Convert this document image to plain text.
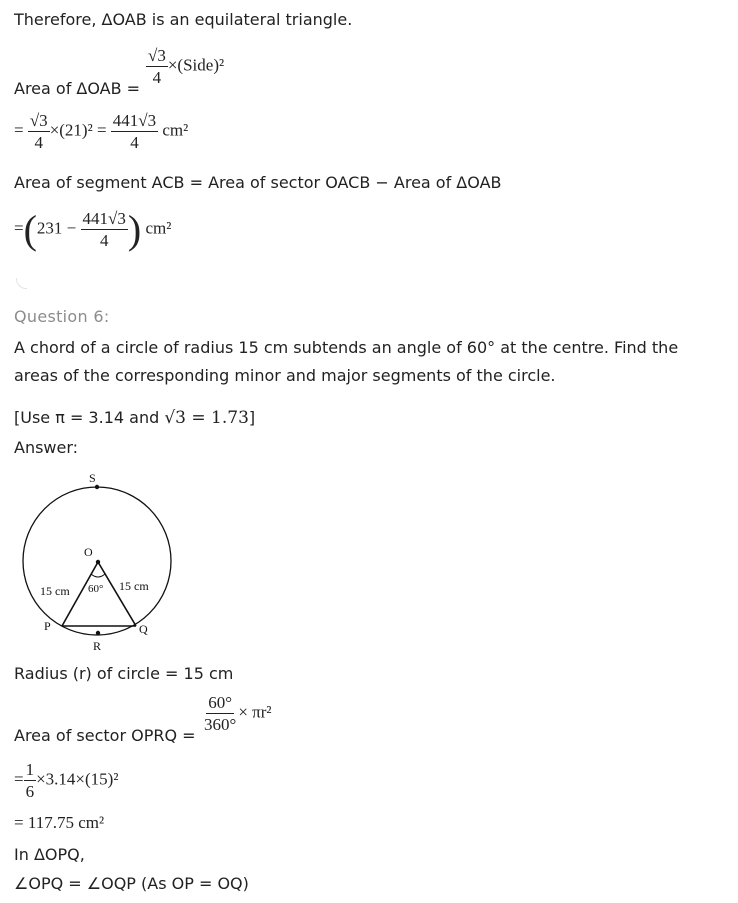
Therefore, ΔOAB is an equilateral triangle.
Area of ΔOAB =
$\frac{√3}{4}$ ×(Side)²
= $\frac{√3}{4} \times(21)^2 = \frac{441√3}{4} cm^2$
Area of segment ACB = Area of sector OACB − Area of ΔOAB
$=(231 - \frac{441√3}{4}$ ) cm²
Question 6:
A chord of a circle of radius 15 cm subtends an angle of 60° at the centre. Find the
areas of the corresponding minor and major segments of the circle.
[Use π = 3.14 and √3 = 1.73]
Answer:
S
O
60°
15 cm	15 cm
P	Q
R
Radius (r) of circle = 15 cm
Area of sector OPRQ =
$\frac{60^\circ}{360^\circ} \times \pi r^2$
= $\frac{1}{6} \times 3.14\times(15)^2$
= 117.75 cm²
In ΔOPQ,
∠OPQ = ∠OQP (As OP = OQ)
